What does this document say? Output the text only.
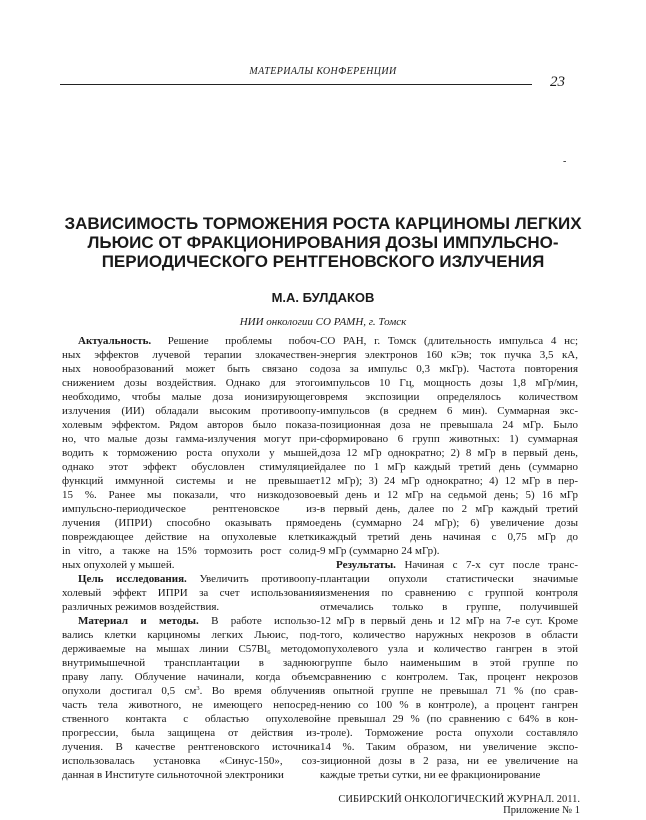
МАТЕРИАЛЫ КОНФЕРЕНЦИИ
23
-
ЗАВИСИМОСТЬ ТОРМОЖЕНИЯ РОСТА КАРЦИНОМЫ ЛЕГКИХ
ЛЬЮИС ОТ ФРАКЦИОНИРОВАНИЯ ДОЗЫ ИМПУЛЬСНО-
ПЕРИОДИЧЕСКОГО РЕНТГЕНОВСКОГО ИЗЛУЧЕНИЯ
М.А. БУЛДАКОВ
НИИ онкологии СО РАМН, г. Томск
Актуальность. Решение проблемы побоч-
ных эффектов лучевой терапии злокачествен-
ных новообразований может быть связано со
снижением дозы воздействия. Однако для этого
необходимо, чтобы малые доза ионизирующего
излучения (ИИ) обладали высоким противоопу-
холевым эффектом. Рядом авторов было показа-
но, что малые дозы гамма-излучения могут при-
водить к торможению роста опухоли у мышей,
однако этот эффект обусловлен стимуляцией
функций иммунной системы и не превышает
15 %. Ранее мы показали, что низкодозовое
импульсно-периодическое рентгеновское из-
лучения (ИПРИ) способно оказывать прямое
повреждающее действие на опухолевые клетки
in vitro, а также на 15% тормозить рост солид-
ных опухолей у мышей.
Цель исследования. Увеличить противоопу-
холевый эффект ИПРИ за счет использования
различных режимов воздействия.
Материал и методы. В работе использо-
вались клетки карциномы легких Льюис, под-
держиваемые на мышах линии $C57Bl_6$ методом
внутримышечной трансплантации в заднюю
праву лапу. Облучение начинали, когда объем
опухоли достигал 0,5 $см^3$. Во время облучения
часть тела животного, не имеющего непосред-
ственного контакта с областью опухолевой
прогрессии, была защищена от действия из-
лучения. В качестве рентгеновского источника
использовалась установка «Синус-150», соз-
данная в Институте сильноточной электроники
СО РАН, г. Томск (длительность импульса 4 нс;
энергия электронов 160 кЭв; ток пучка 3,5 кА,
доза за импульс 0,3 мкГр). Частота повторения
импульсов 10 Гц, мощность дозы 1,8 мГр/мин,
время экспозиции определялось количеством
импульсов (в среднем 6 мин). Суммарная экс-
позиционная доза не превышала 24 мГр. Было
сформировано 6 групп животных: 1) суммарная
доза 12 мГр однократно; 2) 8 мГр в первый день,
далее по 1 мГр каждый третий день (суммарно
12 мГр); 3) 24 мГр однократно; 4) 12 мГр в пер-
вый день и 12 мГр на седьмой день; 5) 16 мГр
в первый день, далее по 2 мГр каждый третий
день (суммарно 24 мГр); 6) увеличение дозы
каждый третий день начиная с 0,75 мГр до
9 мГр (суммарно 24 мГр).
Результаты. Начиная с 7-х сут после транс-
плантации опухоли статистически значимые
изменения по сравнению с группой контроля
отмечались только в группе, получившей
12 мГр в первый день и 12 мГр на 7-е сут. Кроме
того, количество наружных некрозов в области
опухолевого узла и количество гангрен в этой
группе было наименьшим в этой группе по
сравнению с контролем. Так, процент некрозов
в опытной группе не превышал 71 % (по срав-
нению со 100 % в контроле), а процент гангрен
не превышал 29 % (по сравнению с 64% в кон-
троле). Торможение роста опухоли составляло
14 %. Таким образом, ни увеличение экспо-
зиционной дозы в 2 раза, ни ее увеличение на
каждые третьи сутки, ни ее фракционирование
СИБИРСКИЙ ОНКОЛОГИЧЕСКИЙ ЖУРНАЛ. 2011. Приложение № 1
